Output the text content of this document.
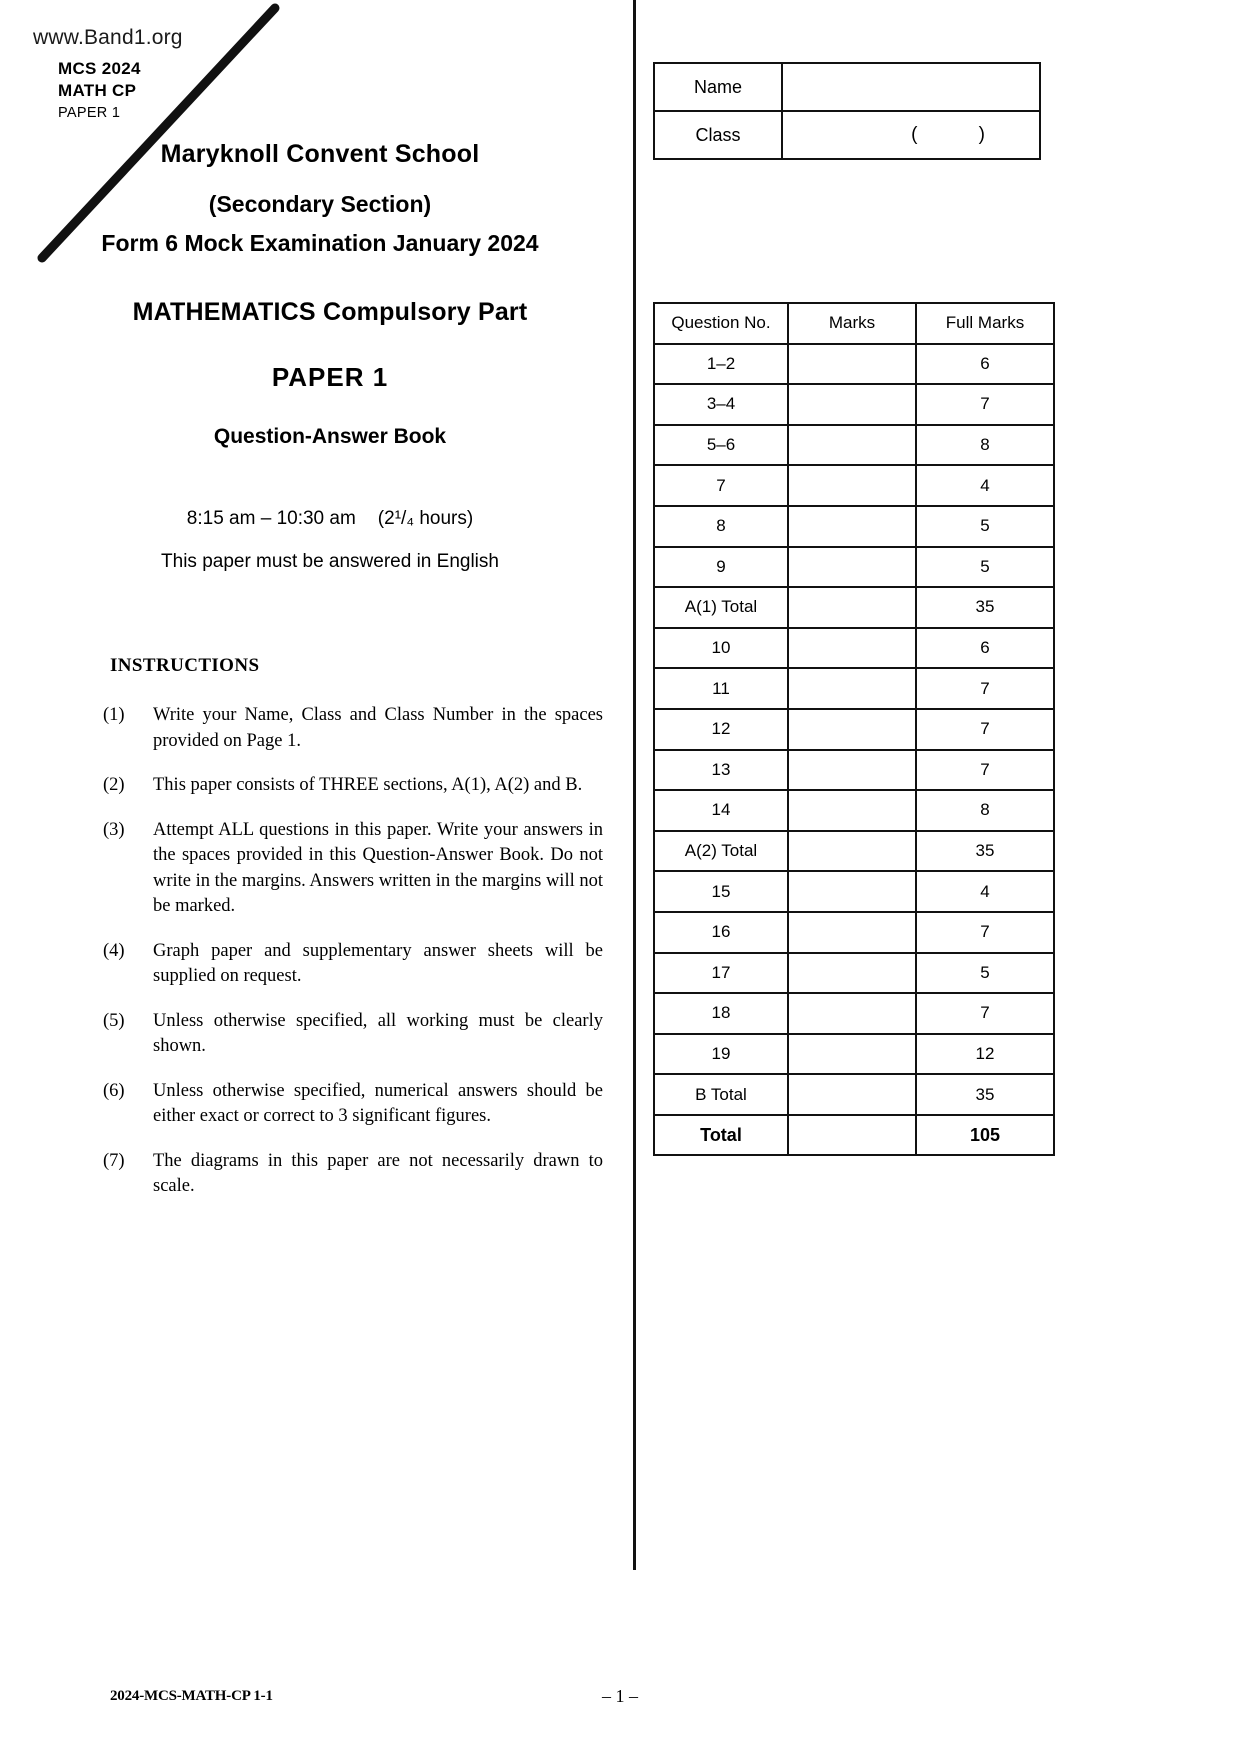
www.Band1.org
MCS 2024
MATH CP
PAPER 1
Maryknoll Convent School
(Secondary Section)
Form 6 Mock Examination January 2024
MATHEMATICS Compulsory Part
PAPER 1
Question-Answer Book
8:15 am – 10:30 am (2¹/₄ hours)
This paper must be answered in English
INSTRUCTIONS
(1)	Write your Name, Class and Class Number in the spaces provided on Page 1.
(2)	This paper consists of THREE sections, A(1), A(2) and B.
(3)	Attempt ALL questions in this paper. Write your answers in the spaces provided in this Question-Answer Book. Do not write in the margins. Answers written in the margins will not be marked.
(4)	Graph paper and supplementary answer sheets will be supplied on request.
(5)	Unless otherwise specified, all working must be clearly shown.
(6)	Unless otherwise specified, numerical answers should be either exact or correct to 3 significant figures.
(7)	The diagrams in this paper are not necessarily drawn to scale.
Name	
Class	( )
Question No.	Marks	Full Marks
1–2		6
3–4		7
5–6		8
7		4
8		5
9		5
A(1) Total		35
10		6
11		7
12		7
13		7
14		8
A(2) Total		35
15		4
16		7
17		5
18		7
19		12
B Total		35
Total		105
2024-MCS-MATH-CP 1-1	– 1 –
